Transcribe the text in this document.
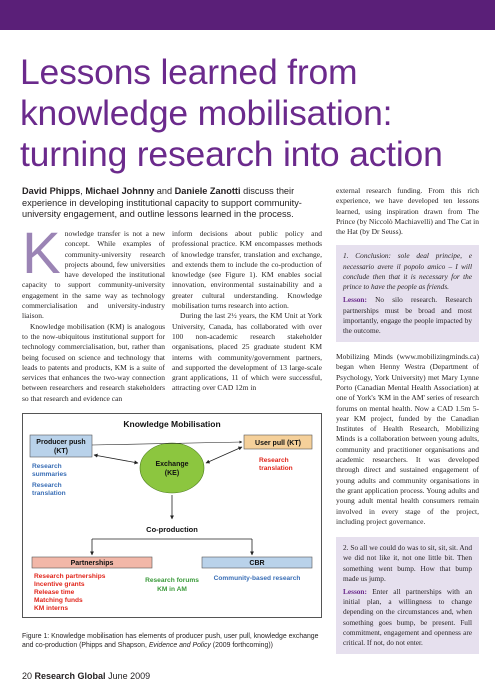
Lessons learned from
knowledge mobilisation:
turning research into action
David Phipps, Michael Johnny and Daniele Zanotti discuss their experience in developing institutional capacity to support community-university engagement, and outline lessons learned in the process.

Knowledge transfer is not a new concept. While examples of community-university research projects abound, few universities have developed the institutional capacity to support community-university engagement in the same way as technology commercialisation and university-industry liaison.

Knowledge mobilisation (KM) is analogous to the now-ubiquitous institutional support for technology commercialisation, but, rather than being focused on science and technology that leads to patents and products, KM is a suite of services that enhances the two-way connection between researchers and research stakeholders so that research and evidence can

inform decisions about public policy and professional practice. KM encompasses methods of knowledge transfer, translation and exchange, and extends them to include the co-production of knowledge (see Figure 1). KM enables social innovation, environmental sustainability and a greater cultural understanding. Knowledge mobilisation turns research into action.

During the last 2½ years, the KM Unit at York University, Canada, has collaborated with over 100 non-academic research stakeholder organisations, placed 25 graduate student KM interns with community/government partners, and supported the development of 13 large-scale grant applications, 11 of which were successful, attracting over CAD 12m in

external research funding. From this rich experience, we have developed ten lessons learned, using inspiration drawn from The Prince (by Niccolò Machiavelli) and The Cat in the Hat (by Dr Seuss).

1. Conclusion: sole deal principe, e necessario avere il popolo amico – I will conclude then that it is necessary for the prince to have the people as friends.

Lesson: No silo research. Research partnerships must be broad and most importantly, engage the people impacted by the outcome.

Mobilizing Minds (www.mobilizingminds.ca) began when Henny Westra (Department of Psychology, York University) met Mary Lynne Porto (Canadian Mental Health Association) at one of York's 'KM in the AM' series of research forums on mental health. Now a CAD 1.5m 5-year KM project, funded by the Canadian Institutes of Health Research, Mobilizing Minds is a collaboration between young adults, community and practitioner organisations and academic researchers. It was developed through direct and sustained engagement of young adults and community organisations in the grant application process. Young adults and young adult mental health consumers remain involved in every stage of the project, including project governance.

2. So all we could do was to sit, sit, sit. And we did not like it, not one little bit. Then something went bump. How that bump made us jump.

Lesson: Enter all partnerships with an initial plan, a willingness to change depending on the circumstances and, when something goes bump, be present. Full commitment, engagement and openness are critical. If not, do not enter.

Knowledge Mobilisation
Producer push
(KT)
Research
summaries
Research
translation
Exchange
(KE)
User pull (KT)
Research
translation
Co-production
Partnerships
Research partnerships
Incentive grants
Release time
Matching funds
KM interns
Research forums
KM in AM
CBR
Community-based research
Figure 1: Knowledge mobilisation has elements of producer push, user pull, knowledge exchange and co-production (Phipps and Shapson, Evidence and Policy (2009 forthcoming))
20 Research Global June 2009
